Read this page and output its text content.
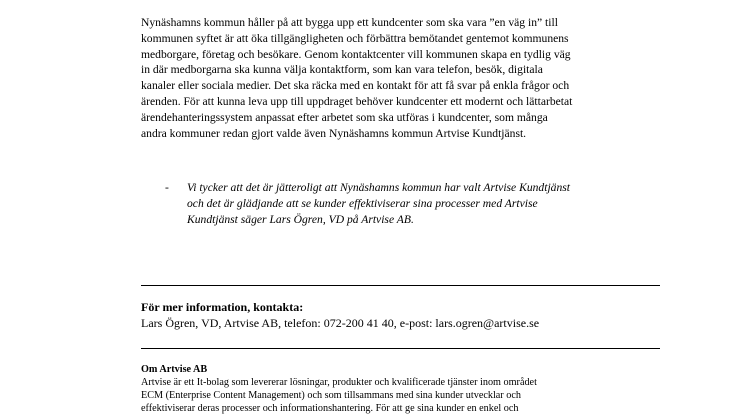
Nynäshamns kommun håller på att bygga upp ett kundcenter som ska vara ”en väg in” till
kommunen syftet är att öka tillgängligheten och förbättra bemötandet gentemot kommunens
medborgare, företag och besökare. Genom kontaktcenter vill kommunen skapa en tydlig väg
in där medborgarna ska kunna välja kontaktform, som kan vara telefon, besök, digitala
kanaler eller sociala medier. Det ska räcka med en kontakt för att få svar på enkla frågor och
ärenden. För att kunna leva upp till uppdraget behöver kundcenter ett modernt och lättarbetat
ärendehanteringssystem anpassat efter arbetet som ska utföras i kundcenter, som många
andra kommuner redan gjort valde även Nynäshamns kommun Artvise Kundtjänst.

-	Vi tycker att det är jätteroligt att Nynäshamns kommun har valt Artvise Kundtjänst
och det är glädjande att se kunder effektiviserar sina processer med Artvise
Kundtjänst säger Lars Ögren, VD på Artvise AB.

För mer information, kontakta:

Lars Ögren, VD, Artvise AB, telefon: 072-200 41 40, e-post: lars.ogren@artvise.se

Om Artvise AB

Artvise är ett It-bolag som levererar lösningar, produkter och kvalificerade tjänster inom området
ECM (Enterprise Content Management) och som tillsammans med sina kunder utvecklar och
effektiviserar deras processer och informationshantering. För att ge sina kunder en enkel och
